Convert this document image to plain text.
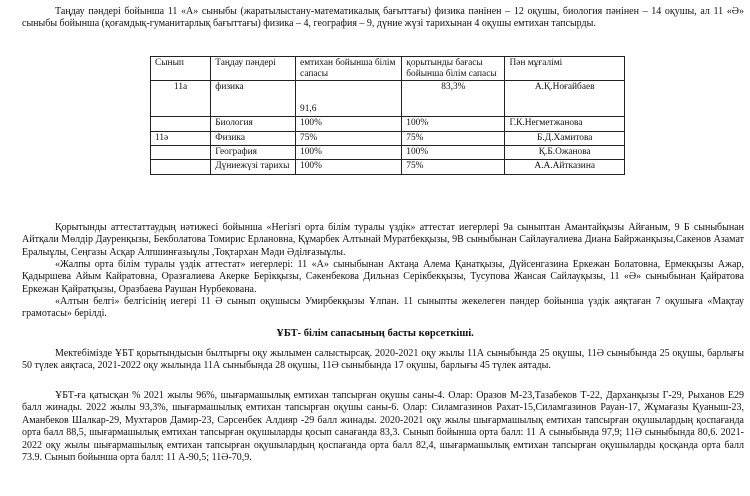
Таңдау пәндері бойынша 11 «А» сыныбы (жаратылыстану-математикалық бағыттағы) физика пәнінен – 12 оқушы, биология пәнінен – 14 оқушы, ал 11 «Ә» сыныбы бойынша (қоғамдық-гуманитарлық бағыттағы) физика – 4, география – 9, дүние жүзі тарихынан 4 оқушы емтихан тапсырды.

Сынып	Таңдау пәндері	емтихан бойынша білім сапасы	қорытынды бағасы бойынша білім сапасы	Пән мұғалімі
11а	физика	91,6	83,3%	А.Қ.Ноғайбаев
	Биология	100%	100%	Г.К.Негметжанова
11ә	Физика	75%	75%	Б.Д.Хамитова
	География	100%	100%	Қ.Б.Ожанова
	Дүниежүзі тарихы	100%	75%	А.А.Айтказина

Қорытынды аттестаттаудың нәтижесі бойынша «Негізгі орта білім туралы үздік» аттестат иегерлері 9а сыныптан Амантайқызы Айғаным, 9 Б сыныбынан Айтқали Мөлдір Дауренқызы, Бекболатова Томирис Ерлановна, Құмарбек Алтынай Муратбекқызы, 9В сыныбынан Сайлауғалиева Диана Байржанқызы,Сакенов Азамат Ералыұлы, Сеңгазы Асқар Алпшинғазыұлы ,Тоқтархан Мәди Әділғазыұлы.

«Жалпы орта білім туралы үздік аттестат» иегерлері: 11 «А» сыныбынан Актаңа Алема Қанатқызы, Дүйсенгазина Еркежан Болатовна, Ермекқызы Ажар, Қадыршева Айым Кайратовна, Оразғалиева Акерке Берікқызы, Сәкенбекова Дильназ Серікбекқызы, Тусупова Жансая Сайлауқызы, 11 «Ә» сыныбынан Қайратова Еркежан Қайратқызы, Оразбаева Раушан Нурбекована.

«Алтын белгі» белгісінің иегері 11 Ә сынып оқушысы Умирбекқызы Ұлпан. 11 сыныпты жекелеген пәндер бойынша үздік аяқтаған 7 оқушыға «Мақтау грамотасы» берілді.

ҰБТ- білім сапасының басты көрсеткіші.

Мектебімізде ҰБТ қорытындысын былтырғы оқу жылымен салыстырсақ. 2020-2021 оқу жылы 11А сыныбында 25 оқушы, 11Ә сыныбында 25 оқушы, барлығы 50 түлек аяқтаса, 2021-2022 оқу жылында 11А сыныбында 28 оқушы, 11Ә сыныбында 17 оқушы, барлығы 45 түлек аятады.

ҰБТ-ға қатысқан % 2021 жылы 96%, шығармашылық емтихан тапсырған оқушы саны-4. Олар: Оразов М-23,Тазабеков Т-22, Дарханқызы Г-29, Рыханов Е29 балл жинады. 2022 жылы 93,3%, шығармашылық емтихан тапсырған оқушы саны-6. Олар: Силамгазинов Рахат-15,Силамгазинов Рауан-17, Жұмағазы Қуаныш-23, Аманбеков Шалкар-29, Мухтаров Дамир-23, Сәрсенбек Алдияр -29 балл жинады. 2020-2021 оқу жылы шығармашылық емтихан тапсырған оқушылардың қоспағанда орта балл 88,5, шығармашылық емтихан тапсырған оқушыларды қосып санағанда 83,3. Сынып бойынша орта балл: 11 А сыныбында 97,9; 11Ә сыныбында 80,6. 2021-2022 оқу жылы шығармашылық емтихан тапсырған оқушылардың қоспағанда орта балл 82,4, шығармашылық емтихан тапсырған оқушыларды қосқанда орта балл 73.9. Сынып бойынша орта балл: 11 А-90,5; 11Ә-70,9.
